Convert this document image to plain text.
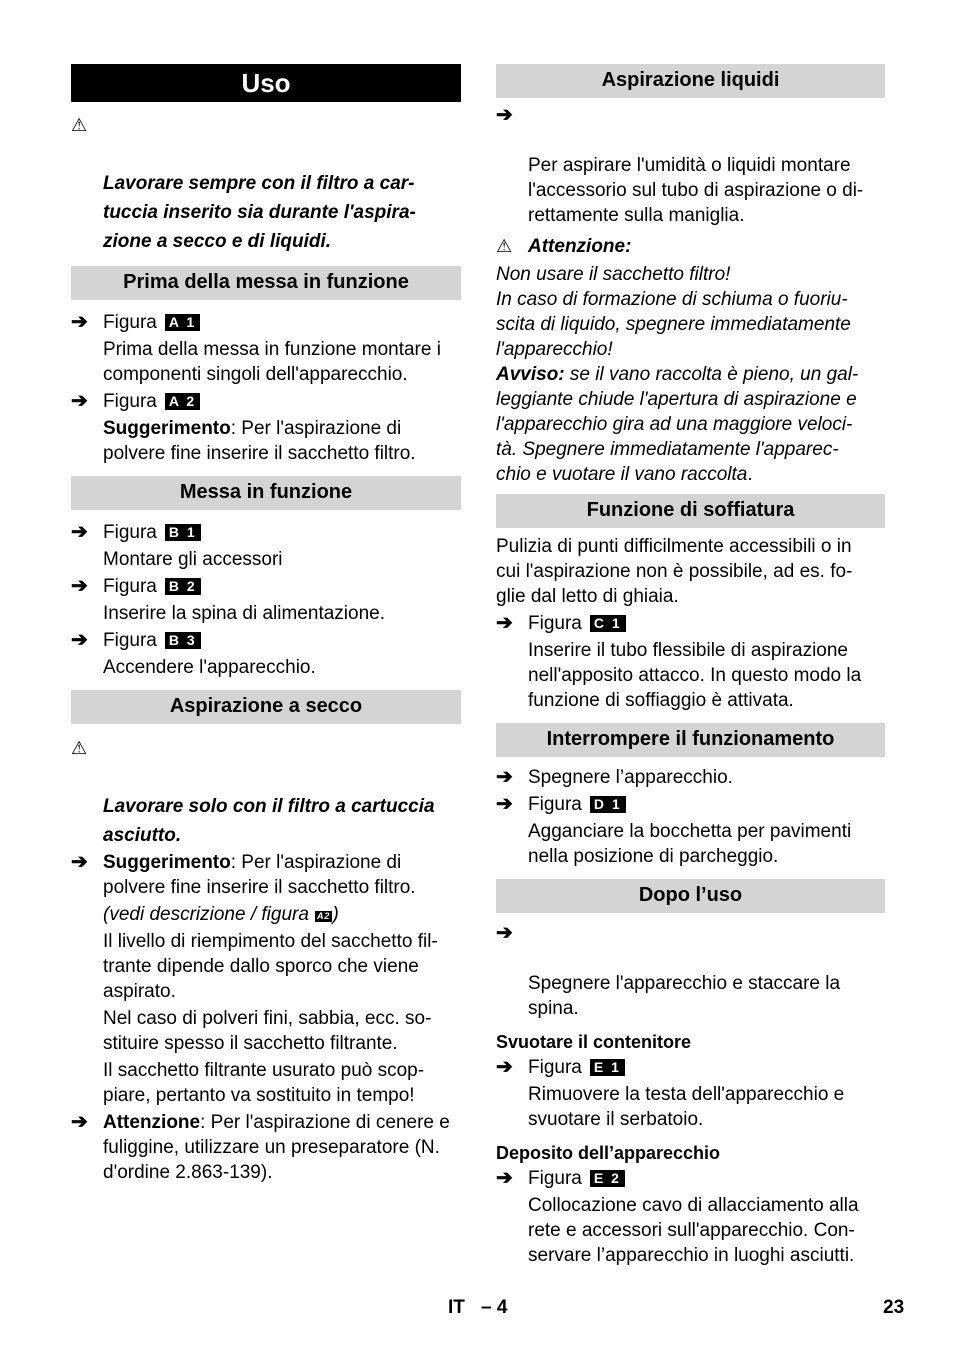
Uso

⚠

Lavorare sempre con il filtro a car-
tuccia inserito sia durante l'aspira-
zione a secco e di liquidi.

Prima della messa in funzione
➔ Figura A 1
Prima della messa in funzione montare i componenti singoli dell'apparecchio.
➔ Figura A 2
Suggerimento: Per l'aspirazione di polvere fine inserire il sacchetto filtro.
Messa in funzione
➔ Figura B 1
Montare gli accessori
➔ Figura B 2
Inserire la spina di alimentazione.
➔ Figura B 3
Accendere l'apparecchio.
Aspirazione a secco

⚠

Lavorare solo con il filtro a cartuccia
asciutto.

➔ Suggerimento: Per l'aspirazione di polvere fine inserire il sacchetto filtro.
(vedi descrizione / figura A2 )
Il livello di riempimento del sacchetto fil-
trante dipende dallo sporco che viene
aspirato.
Nel caso di polveri fini, sabbia, ecc. so-
stituire spesso il sacchetto filtrante.
Il sacchetto filtrante usurato può scop-
piare, pertanto va sostituito in tempo!
➔ Attenzione: Per l'aspirazione di cenere e fuliggine, utilizzare un preseparatore (N. d'ordine 2.863-139).
Aspirazione liquidi

➔

Per aspirare l'umidità o liquidi montare
l'accessorio sul tubo di aspirazione o di-
rettamente sulla maniglia.

⚠ Attenzione:
Non usare il sacchetto filtro!
In caso di formazione di schiuma o fuoriu-
scita di liquido, spegnere immediatamente
l'apparecchio!
Avviso: se il vano raccolta è pieno, un gal-
leggiante chiude l'apertura di aspirazione e
l'apparecchio gira ad una maggiore veloci-
tà. Spegnere immediatamente l'apparec-
chio e vuotare il vano raccolta.
Funzione di soffiatura
Pulizia di punti difficilmente accessibili o in
cui l'aspirazione non è possibile, ad es. fo-
glie dal letto di ghiaia.
➔ Figura C 1
Inserire il tubo flessibile di aspirazione
nell'apposito attacco. In questo modo la
funzione di soffiaggio è attivata.
Interrompere il funzionamento
➔ Spegnere l’apparecchio.
➔ Figura D 1
Agganciare la bocchetta per pavimenti
nella posizione di parcheggio.
Dopo l’uso

➔

Spegnere l'apparecchio e staccare la
spina.

Svuotare il contenitore
➔ Figura E 1
Rimuovere la testa dell'apparecchio e
svuotare il serbatoio.
Deposito dell’apparecchio
➔ Figura E 2
Collocazione cavo di allacciamento alla
rete e accessori sull'apparecchio. Con-
servare l’apparecchio in luoghi asciutti.
IT – 4	23
